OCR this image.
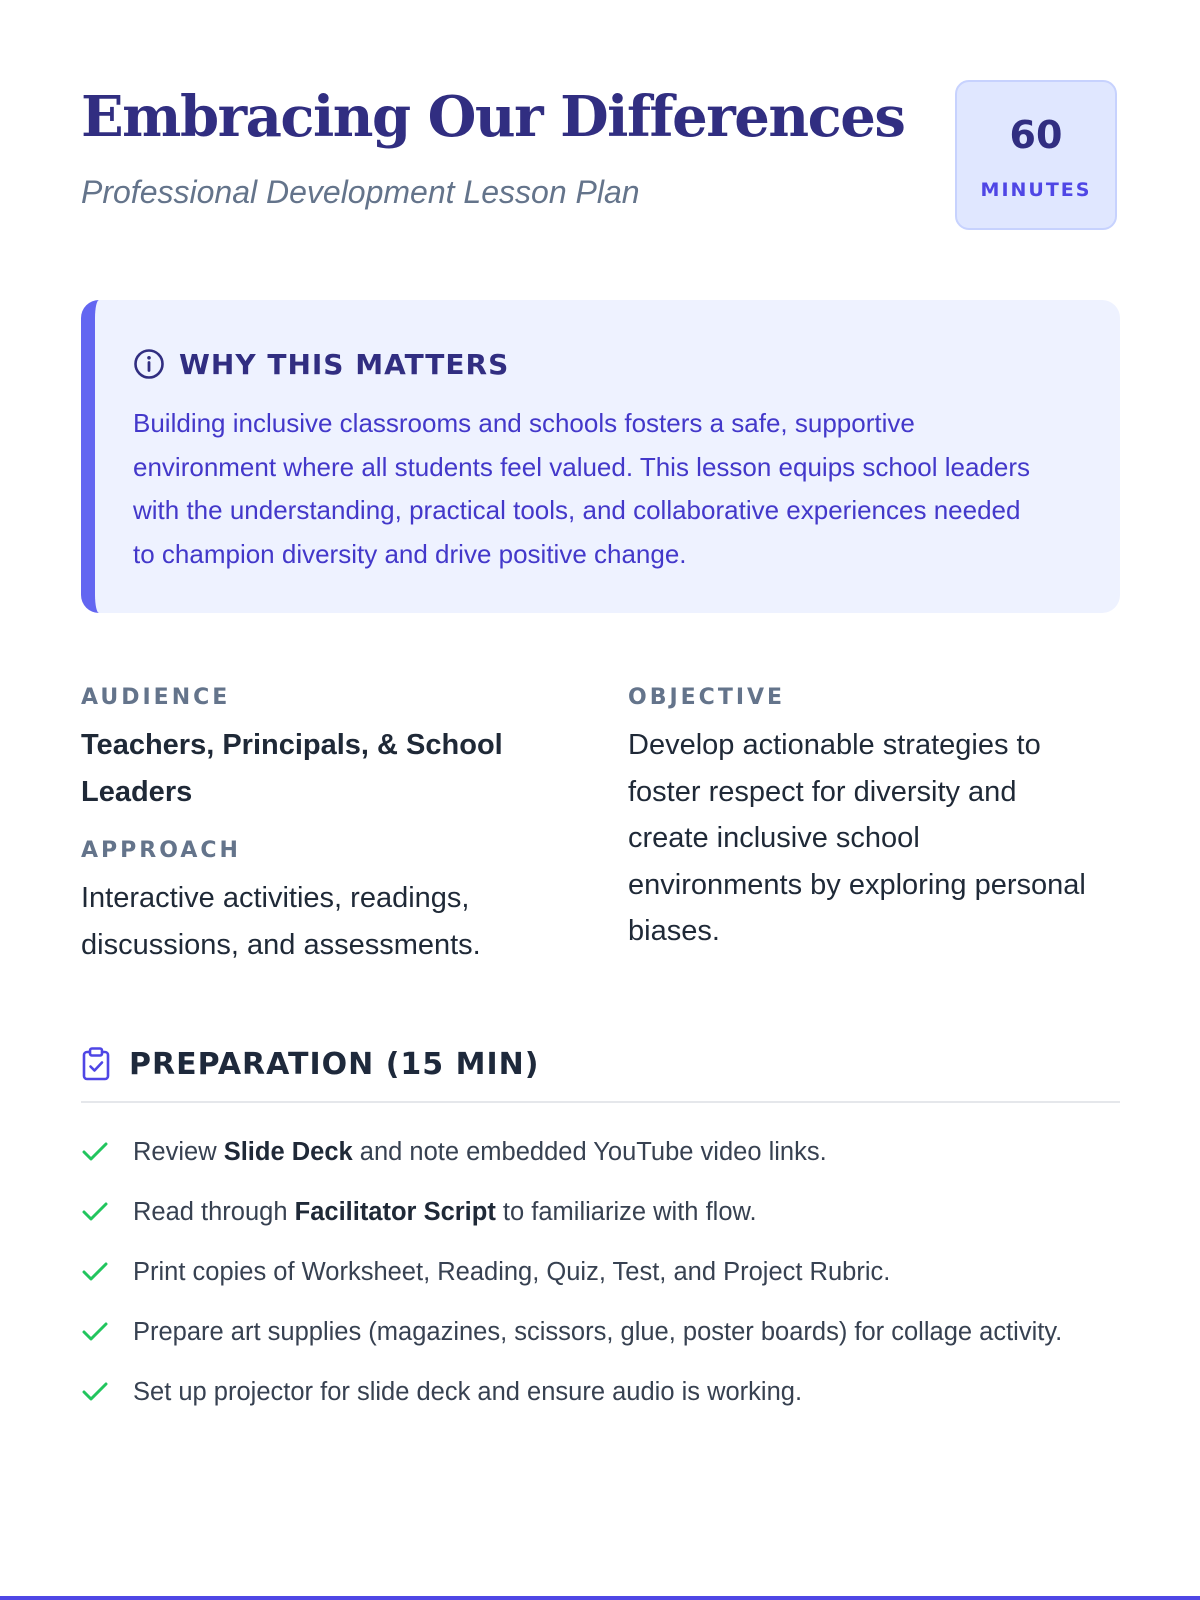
Embracing Our Differences
Professional Development Lesson Plan
60
MINUTES
WHY THIS MATTERS
Building inclusive classrooms and schools fosters a safe, supportive environment where all students feel valued. This lesson equips school leaders with the understanding, practical tools, and collaborative experiences needed to champion diversity and drive positive change.
AUDIENCE
Teachers, Principals, & School Leaders
APPROACH
Interactive activities, readings, discussions, and assessments.
OBJECTIVE
Develop actionable strategies to foster respect for diversity and create inclusive school environments by exploring personal biases.
PREPARATION (15 MIN)
Review Slide Deck and note embedded YouTube video links.
Read through Facilitator Script to familiarize with flow.
Print copies of Worksheet, Reading, Quiz, Test, and Project Rubric.
Prepare art supplies (magazines, scissors, glue, poster boards) for collage activity.
Set up projector for slide deck and ensure audio is working.
